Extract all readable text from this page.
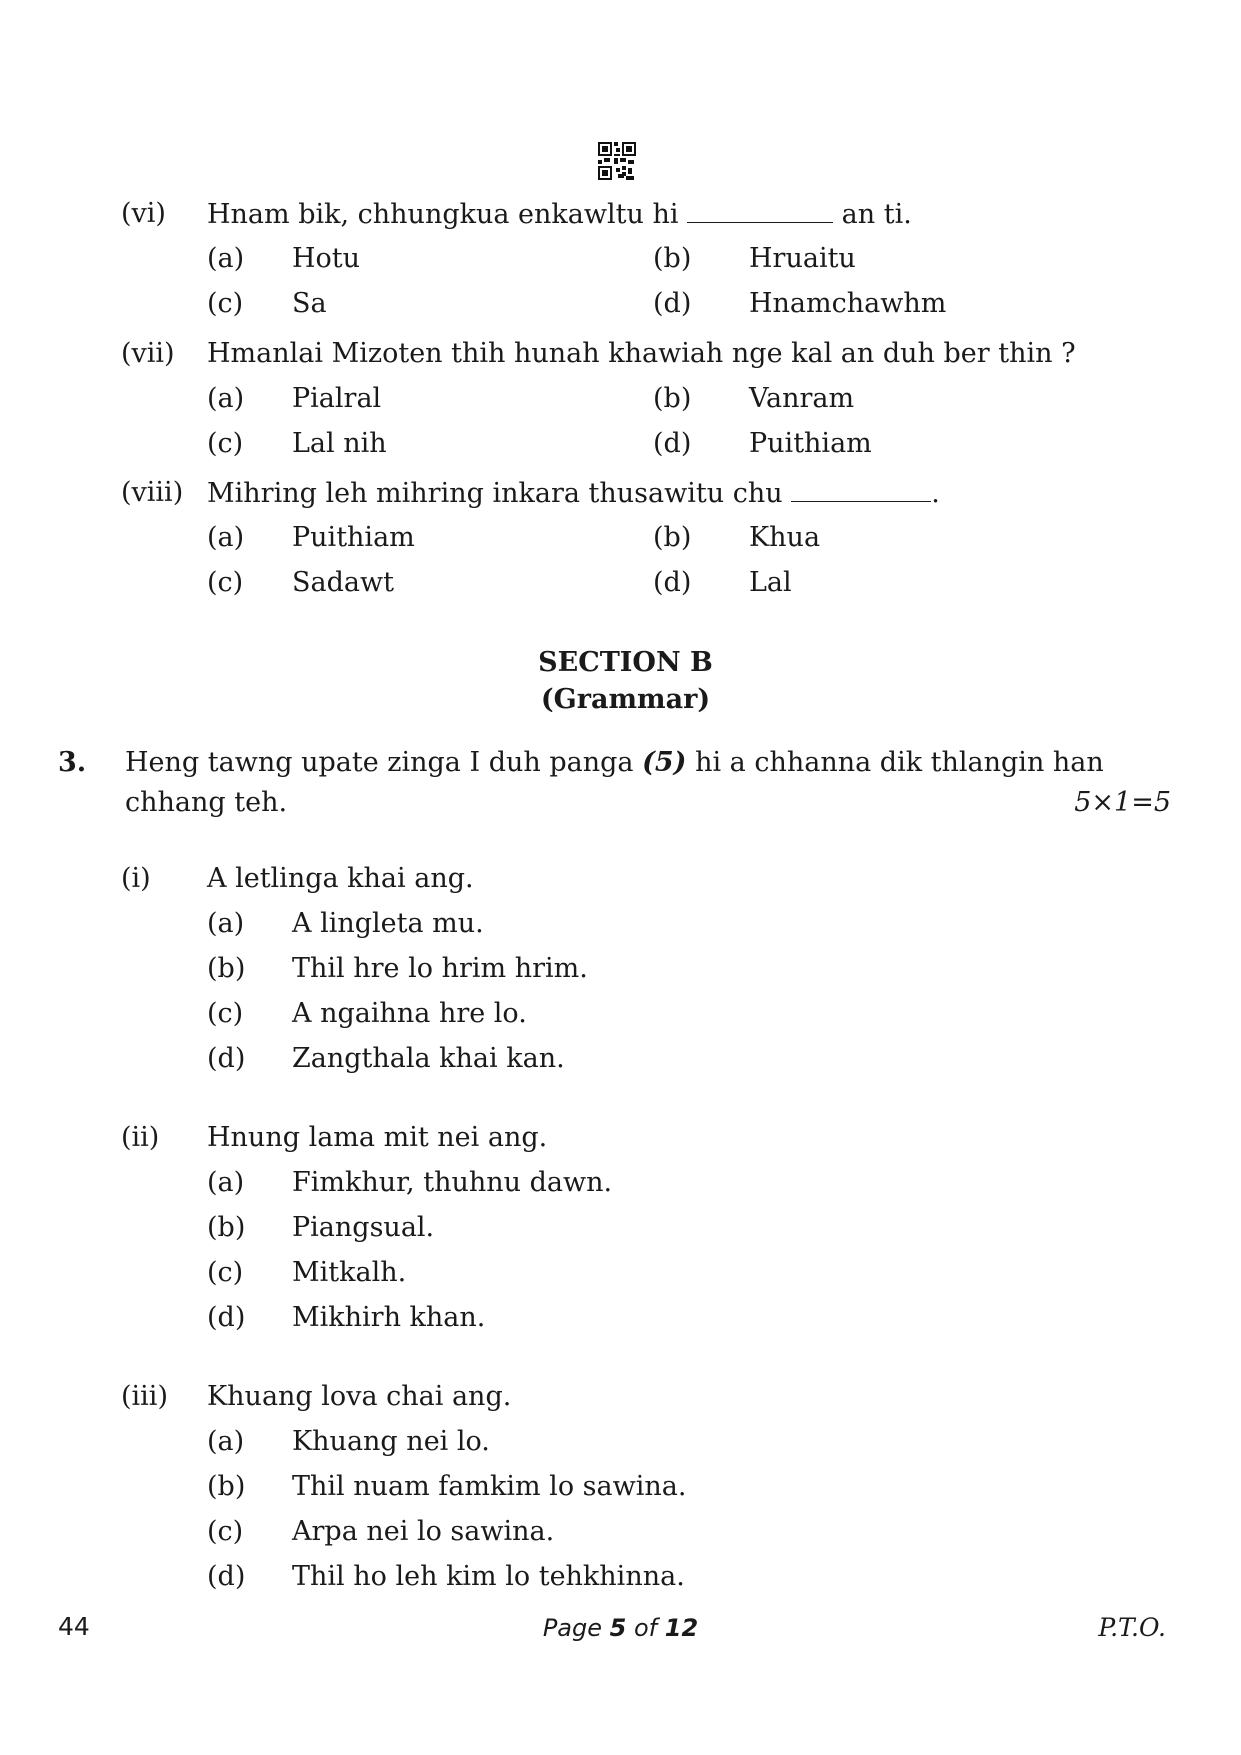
(vi) Hnam bik, chhungkua enkawltu hi	an ti.
(a) Hotu	(b) Hruaitu
(c) Sa	(d) Hnamchawhm
(vii) Hmanlai Mizoten thih hunah khawiah nge kal an duh ber thin ?
(a) Pialral	(b) Vanram
(c) Lal nih	(d) Puithiam
(viii) Mihring leh mihring inkara thusawitu chu	.
(a) Puithiam	(b) Khua
(c) Sadawt	(d) Lal
SECTION B
(Grammar)
3. Heng tawng upate zinga I duh panga (5) hi a chhanna dik thlangin han
chhang teh.	5×1=5
(i) A letlinga khai ang.
(a) A lingleta mu.
(b) Thil hre lo hrim hrim.
(c) A ngaihna hre lo.
(d) Zangthala khai kan.
(ii) Hnung lama mit nei ang.
(a) Fimkhur, thuhnu dawn.
(b) Piangsual.
(c) Mitkalh.
(d) Mikhirh khan.
(iii) Khuang lova chai ang.
(a) Khuang nei lo.
(b) Thil nuam famkim lo sawina.
(c) Arpa nei lo sawina.
(d) Thil ho leh kim lo tehkhinna.
44	Page 5 of 12	P.T.O.
